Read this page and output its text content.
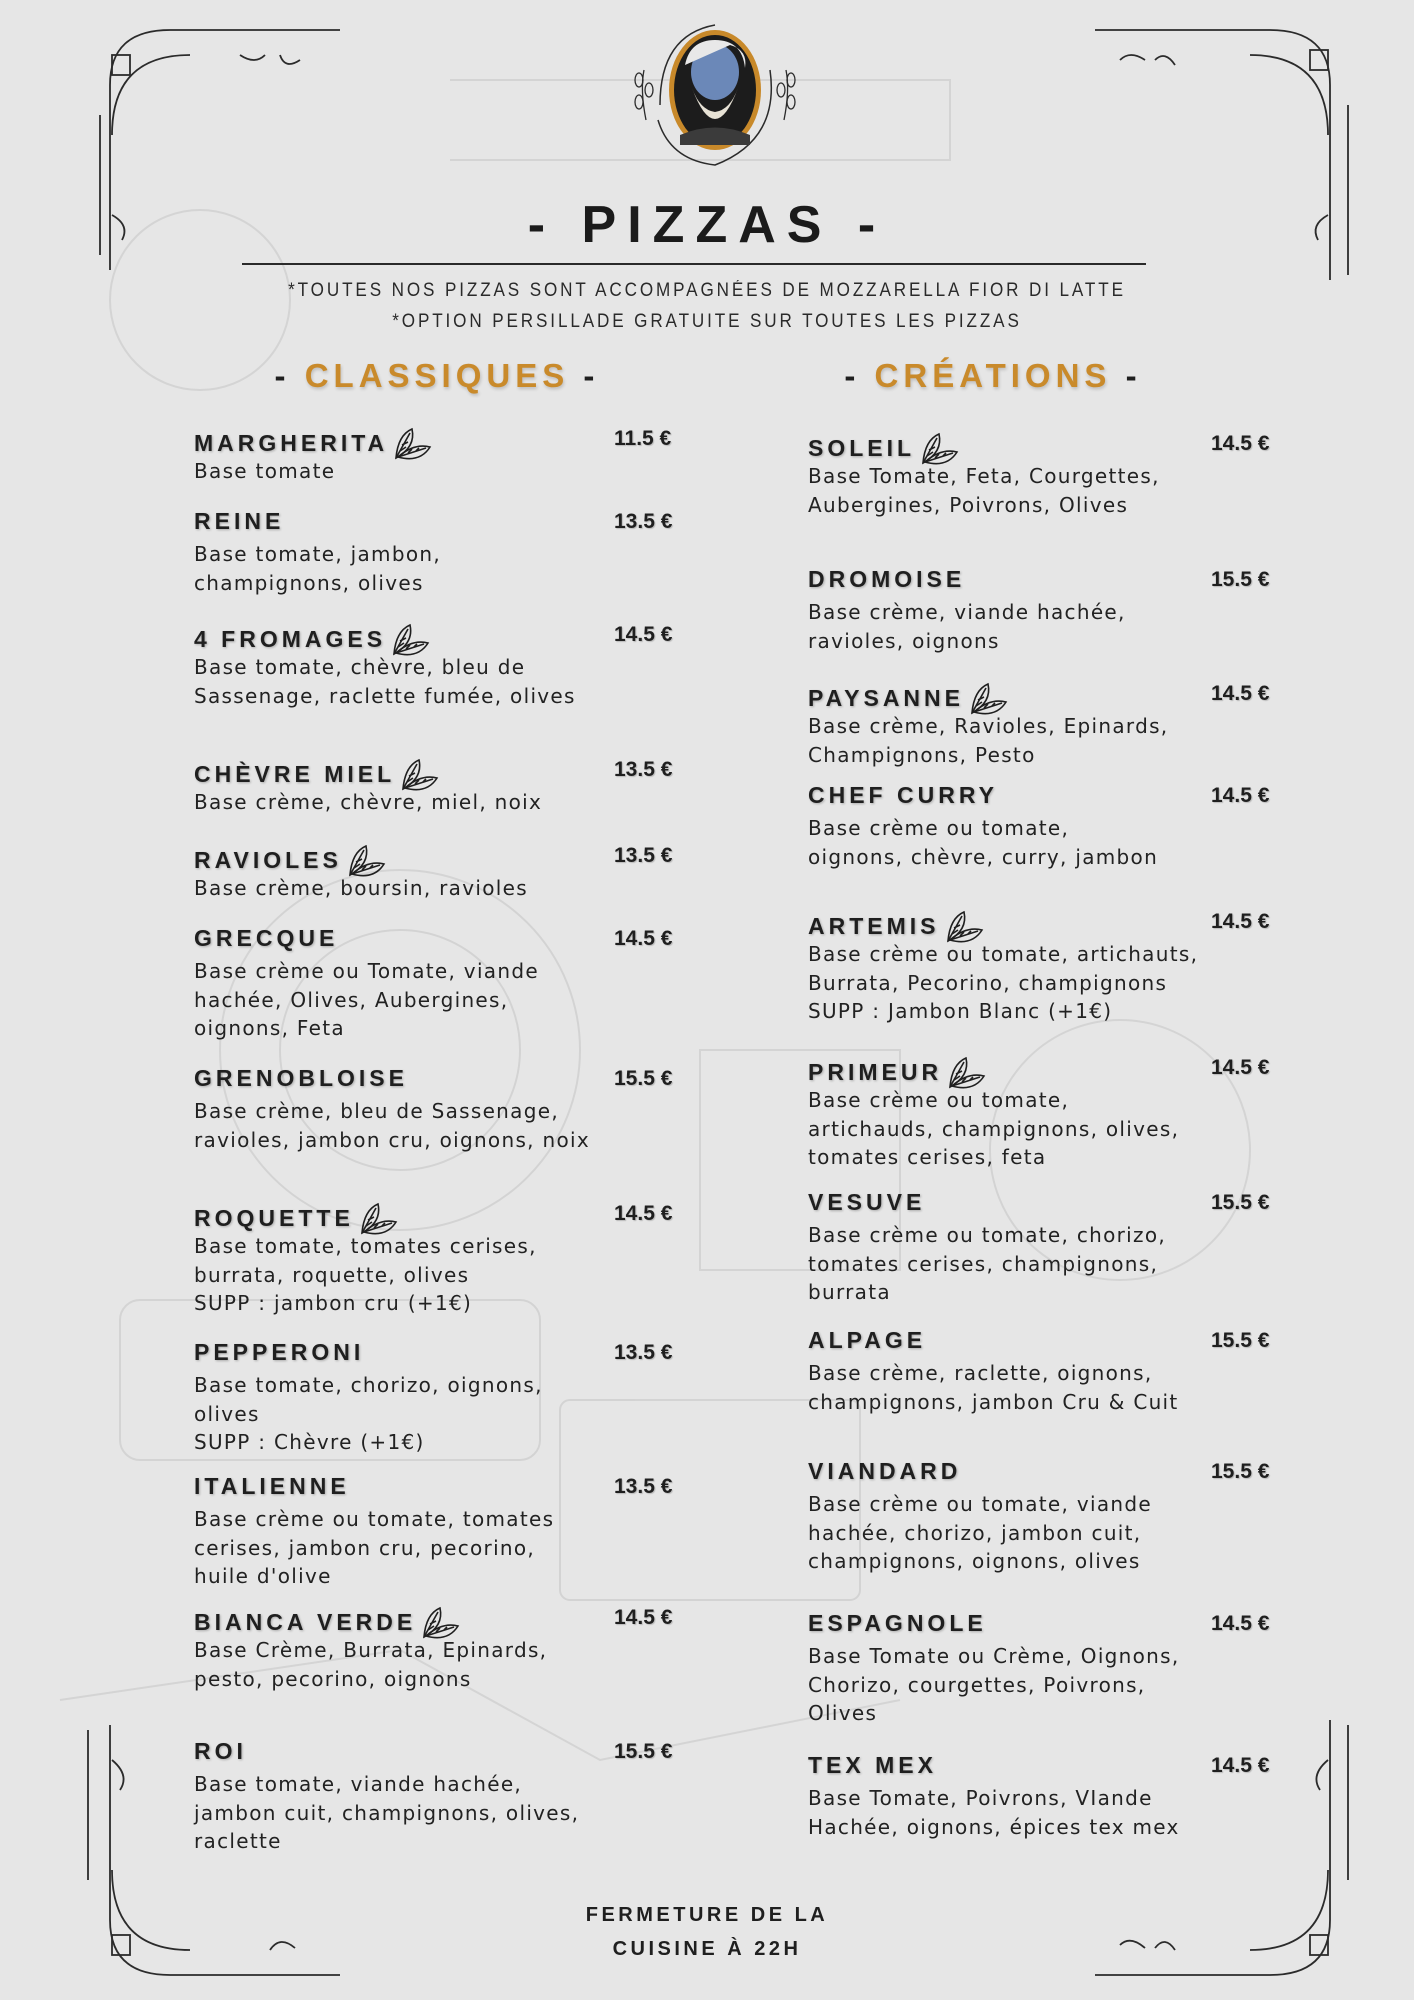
- PIZZAS -
*TOUTES NOS PIZZAS SONT ACCOMPAGNÉES DE MOZZARELLA FIOR DI LATTE
*OPTION PERSILLADE GRATUITE SUR TOUTES LES PIZZAS
- CLASSIQUES -	- CRÉATIONS -
MARGHERITA	11.5 €
Base tomate
REINE	13.5 €
Base tomate, jambon,
champignons, olives
4 FROMAGES	14.5 €
Base tomate, chèvre, bleu de
Sassenage, raclette fumée, olives
CHÈVRE MIEL	13.5 €
Base crème, chèvre, miel, noix
RAVIOLES	13.5 €
Base crème, boursin, ravioles
GRECQUE	14.5 €
Base crème ou Tomate, viande
hachée, Olives, Aubergines,
oignons, Feta
GRENOBLOISE	15.5 €
Base crème, bleu de Sassenage,
ravioles, jambon cru, oignons, noix
ROQUETTE	14.5 €
Base tomate, tomates cerises,
burrata, roquette, olives
SUPP : jambon cru (+1€)
PEPPERONI	13.5 €
Base tomate, chorizo, oignons,
olives
SUPP : Chèvre (+1€)
ITALIENNE	13.5 €
Base crème ou tomate, tomates
cerises, jambon cru, pecorino,
huile d'olive
BIANCA VERDE	14.5 €
Base Crème, Burrata, Epinards,
pesto, pecorino, oignons
ROI	15.5 €
Base tomate, viande hachée,
jambon cuit, champignons, olives,
raclette
SOLEIL	14.5 €
Base Tomate, Feta, Courgettes,
Aubergines, Poivrons, Olives
DROMOISE	15.5 €
Base crème, viande hachée,
ravioles, oignons
PAYSANNE	14.5 €
Base crème, Ravioles, Epinards,
Champignons, Pesto
CHEF CURRY	14.5 €
Base crème ou tomate,
oignons, chèvre, curry, jambon
ARTEMIS	14.5 €
Base crème ou tomate, artichauts,
Burrata, Pecorino, champignons
SUPP : Jambon Blanc (+1€)
PRIMEUR	14.5 €
Base crème ou tomate,
artichauds, champignons, olives,
tomates cerises, feta
VESUVE	15.5 €
Base crème ou tomate, chorizo,
tomates cerises, champignons,
burrata
ALPAGE	15.5 €
Base crème, raclette, oignons,
champignons, jambon Cru & Cuit
VIANDARD	15.5 €
Base crème ou tomate, viande
hachée, chorizo, jambon cuit,
champignons, oignons, olives
ESPAGNOLE	14.5 €
Base Tomate ou Crème, Oignons,
Chorizo, courgettes, Poivrons,
Olives
TEX MEX	14.5 €
Base Tomate, Poivrons, VIande
Hachée, oignons, épices tex mex
FERMETURE DE LA
CUISINE À 22H
